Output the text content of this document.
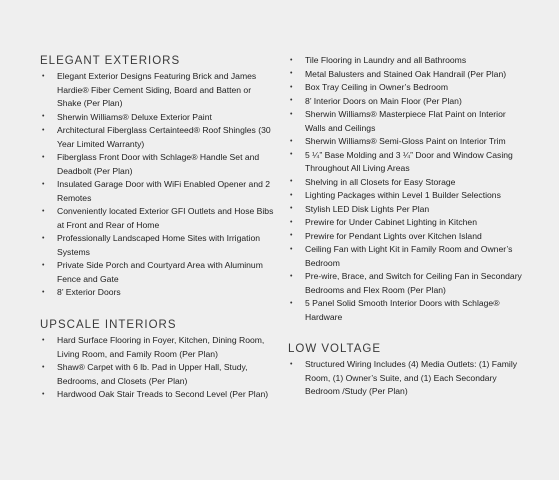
ELEGANT EXTERIORS
• Elegant Exterior Designs Featuring Brick and James Hardie® Fiber Cement Siding, Board and Batten or Shake (Per Plan)
• Sherwin Williams® Deluxe Exterior Paint
• Architectural Fiberglass Certainteed® Roof Shingles (30 Year Limited Warranty)
• Fiberglass Front Door with Schlage® Handle Set and Deadbolt (Per Plan)
• Insulated Garage Door with WiFi Enabled Opener and 2 Remotes
• Conveniently located Exterior GFI Outlets and Hose Bibs at Front and Rear of Home
• Professionally Landscaped Home Sites with Irrigation Systems
• Private Side Porch and Courtyard Area with Aluminum Fence and Gate
• 8’ Exterior Doors
UPSCALE INTERIORS
• Hard Surface Flooring in Foyer, Kitchen, Dining Room, Living Room, and Family Room (Per Plan)
• Shaw® Carpet with 6 lb. Pad in Upper Hall, Study, Bedrooms, and Closets (Per Plan)
• Hardwood Oak Stair Treads to Second Level (Per Plan)
• Tile Flooring in Laundry and all Bathrooms
• Metal Balusters and Stained Oak Handrail (Per Plan)
• Box Tray Ceiling in Owner’s Bedroom
• 8’ Interior Doors on Main Floor (Per Plan)
• Sherwin Williams® Masterpiece Flat Paint on Interior Walls and Ceilings
• Sherwin Williams® Semi-Gloss Paint on Interior Trim
• 5 ¼” Base Molding and 3 ¼” Door and Window Casing Throughout All Living Areas
• Shelving in all Closets for Easy Storage
• Lighting Packages within Level 1 Builder Selections
• Stylish LED Disk Lights Per Plan
• Prewire for Under Cabinet Lighting in Kitchen
• Prewire for Pendant Lights over Kitchen Island
• Ceiling Fan with Light Kit in Family Room and Owner’s Bedroom
• Pre-wire, Brace, and Switch for Ceiling Fan in Secondary Bedrooms and Flex Room (Per Plan)
• 5 Panel Solid Smooth Interior Doors with Schlage® Hardware
LOW VOLTAGE
• Structured Wiring Includes (4) Media Outlets: (1) Family Room, (1) Owner’s Suite, and (1) Each Secondary Bedroom /Study (Per Plan)
